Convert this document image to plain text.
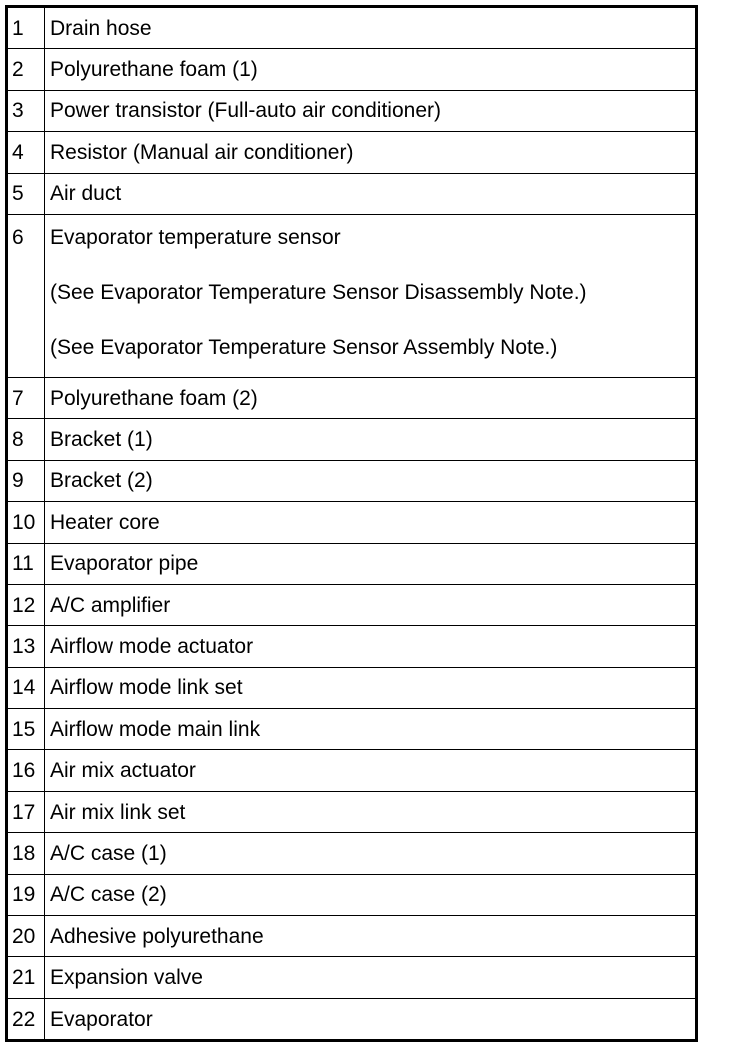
1	Drain hose

2	Polyurethane foam (1)

3	Power transistor (Full-auto air conditioner)

4	Resistor (Manual air conditioner)

5	Air duct

6	Evaporator temperature sensor
(See Evaporator Temperature Sensor Disassembly Note.)
(See Evaporator Temperature Sensor Assembly Note.)

7	Polyurethane foam (2)

8	Bracket (1)

9	Bracket (2)

10	Heater core

11	Evaporator pipe

12	A/C amplifier

13	Airflow mode actuator

14	Airflow mode link set

15	Airflow mode main link

16	Air mix actuator

17	Air mix link set

18	A/C case (1)

19	A/C case (2)

20	Adhesive polyurethane

21	Expansion valve

22	Evaporator
